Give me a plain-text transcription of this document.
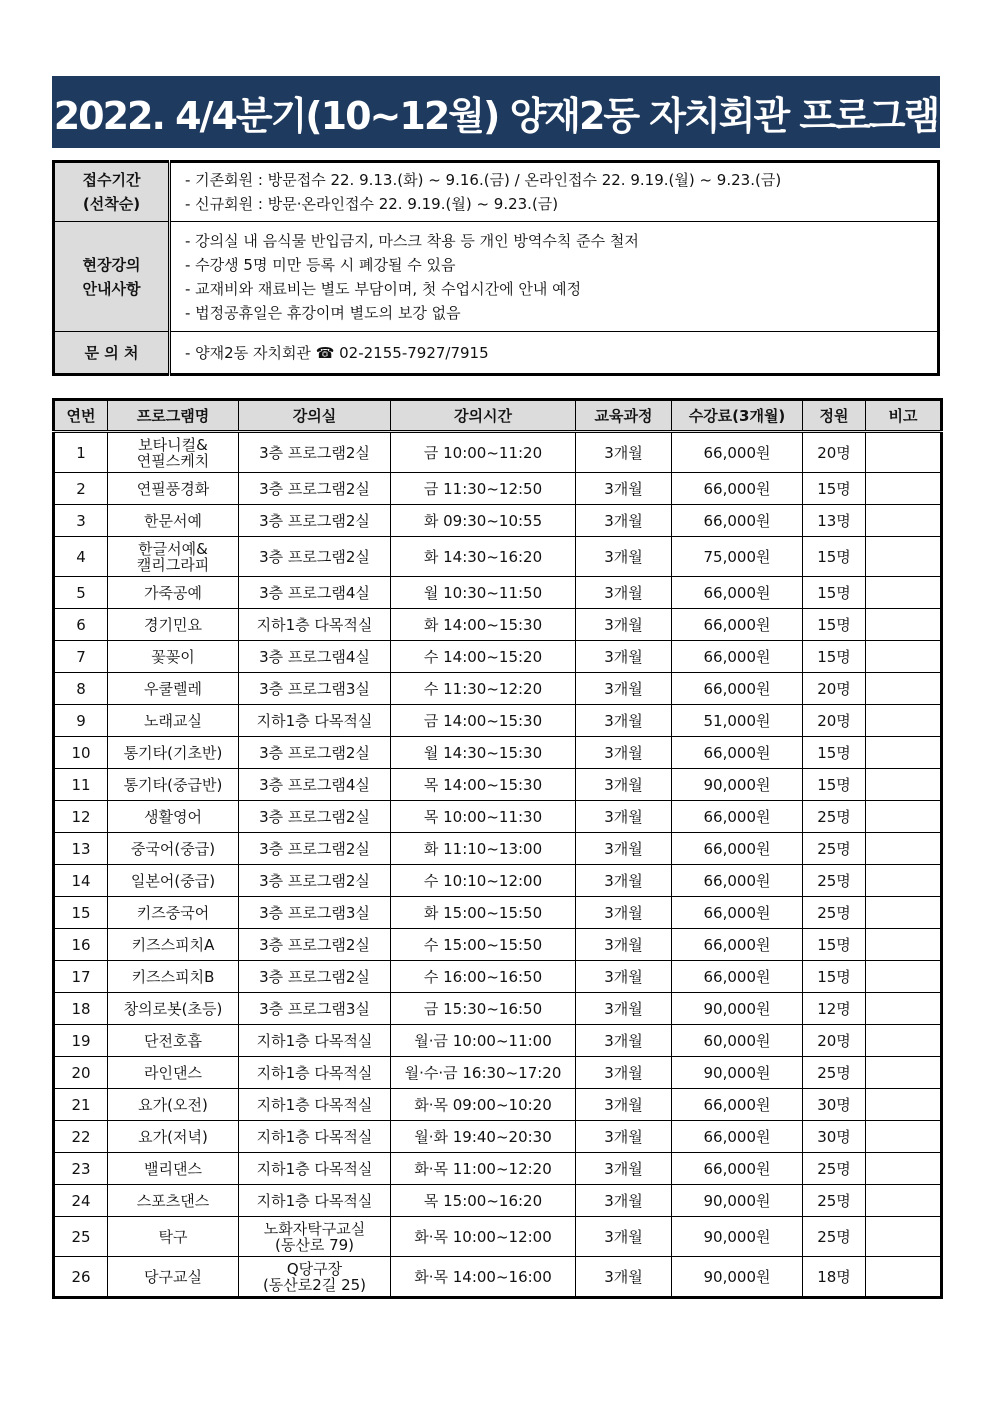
2022. 4/4분기(10~12월) 양재2동 자치회관 프로그램
접수기간
(선착순)	- 기존회원 : 방문접수 22. 9.13.(화) ~ 9.16.(금) / 온라인접수 22. 9.19.(월) ~ 9.23.(금)
- 신규회원 : 방문·온라인접수 22. 9.19.(월) ~ 9.23.(금)

현장강의
안내사항	- 강의실 내 음식물 반입금지, 마스크 착용 등 개인 방역수칙 준수 철저
- 수강생 5명 미만 등록 시 폐강될 수 있음
- 교재비와 재료비는 별도 부담이며, 첫 수업시간에 안내 예정
- 법정공휴일은 휴강이며 별도의 보강 없음

문 의 처	- 양재2동 자치회관 ☎ 02-2155-7927/7915
연번	프로그램명	강의실	강의시간	교육과정	수강료(3개월)	정원	비고
1	보타니컬&
연필스케치	3층 프로그램2실	금 10:00~11:20	3개월	66,000원	20명	
2	연필풍경화	3층 프로그램2실	금 11:30~12:50	3개월	66,000원	15명	
3	한문서예	3층 프로그램2실	화 09:30~10:55	3개월	66,000원	13명	
4	한글서예&
캘리그라피	3층 프로그램2실	화 14:30~16:20	3개월	75,000원	15명	
5	가죽공예	3층 프로그램4실	월 10:30~11:50	3개월	66,000원	15명	
6	경기민요	지하1층 다목적실	화 14:00~15:30	3개월	66,000원	15명	
7	꽃꽂이	3층 프로그램4실	수 14:00~15:20	3개월	66,000원	15명	
8	우쿨렐레	3층 프로그램3실	수 11:30~12:20	3개월	66,000원	20명	
9	노래교실	지하1층 다목적실	금 14:00~15:30	3개월	51,000원	20명	
10	통기타(기초반)	3층 프로그램2실	월 14:30~15:30	3개월	66,000원	15명	
11	통기타(중급반)	3층 프로그램4실	목 14:00~15:30	3개월	90,000원	15명	
12	생활영어	3층 프로그램2실	목 10:00~11:30	3개월	66,000원	25명	
13	중국어(중급)	3층 프로그램2실	화 11:10~13:00	3개월	66,000원	25명	
14	일본어(중급)	3층 프로그램2실	수 10:10~12:00	3개월	66,000원	25명	
15	키즈중국어	3층 프로그램3실	화 15:00~15:50	3개월	66,000원	25명	
16	키즈스피치A	3층 프로그램2실	수 15:00~15:50	3개월	66,000원	15명	
17	키즈스피치B	3층 프로그램2실	수 16:00~16:50	3개월	66,000원	15명	
18	창의로봇(초등)	3층 프로그램3실	금 15:30~16:50	3개월	90,000원	12명	
19	단전호흡	지하1층 다목적실	월·금 10:00~11:00	3개월	60,000원	20명	
20	라인댄스	지하1층 다목적실	월·수·금 16:30~17:20	3개월	90,000원	25명	
21	요가(오전)	지하1층 다목적실	화·목 09:00~10:20	3개월	66,000원	30명	
22	요가(저녁)	지하1층 다목적실	월·화 19:40~20:30	3개월	66,000원	30명	
23	밸리댄스	지하1층 다목적실	화·목 11:00~12:20	3개월	66,000원	25명	
24	스포츠댄스	지하1층 다목적실	목 15:00~16:20	3개월	90,000원	25명	
25	탁구	노화자탁구교실
(동산로 79)	화·목 10:00~12:00	3개월	90,000원	25명	
26	당구교실	Q당구장
(동산로2길 25)	화·목 14:00~16:00	3개월	90,000원	18명	
